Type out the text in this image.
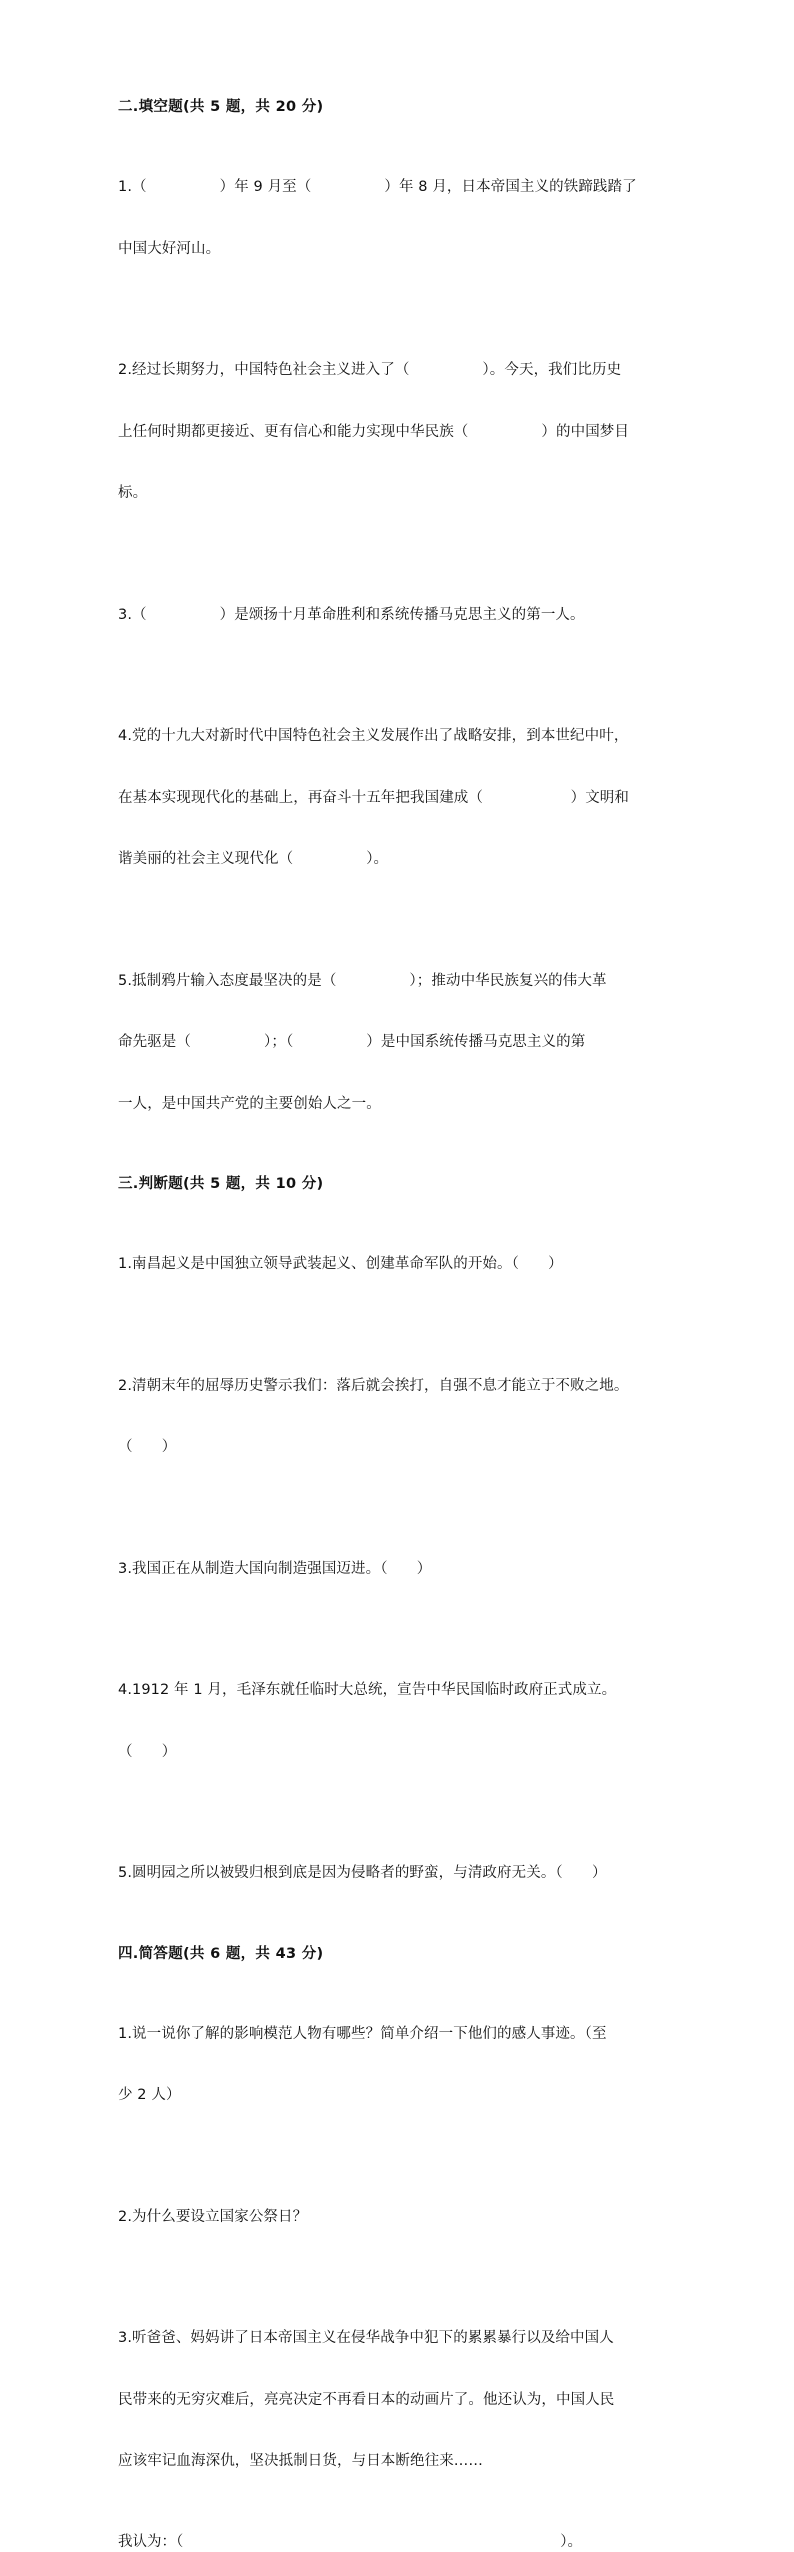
二.填空题(共 5 题，共 20 分)

1.（　　　　　）年 9 月至（　　　　　）年 8 月，日本帝国主义的铁蹄践踏了

中国大好河山。

2.经过长期努力，中国特色社会主义进入了（　　　　　）。今天，我们比历史

上任何时期都更接近、更有信心和能力实现中华民族（　　　　　）的中国梦目

标。

3.（　　　　　）是颂扬十月革命胜利和系统传播马克思主义的第一人。

4.党的十九大对新时代中国特色社会主义发展作出了战略安排，到本世纪中叶，

在基本实现现代化的基础上，再奋斗十五年把我国建成（　　　　　　）文明和

谐美丽的社会主义现代化（　　　　　）。

5.抵制鸦片输入态度最坚决的是（　　　　　）；推动中华民族复兴的伟大革

命先驱是（　　　　　）；（　　　　　）是中国系统传播马克思主义的第

一人，是中国共产党的主要创始人之一。

三.判断题(共 5 题，共 10 分)

1.南昌起义是中国独立领导武装起义、创建革命军队的开始。（　　）

2.清朝末年的屈辱历史警示我们：落后就会挨打，自强不息才能立于不败之地。

（　　）

3.我国正在从制造大国向制造强国迈进。（　　）

4.1912 年 1 月，毛泽东就任临时大总统，宣告中华民国临时政府正式成立。

（　　）

5.圆明园之所以被毁归根到底是因为侵略者的野蛮，与清政府无关。（　　）

四.简答题(共 6 题，共 43 分)

1.说一说你了解的影响模范人物有哪些？简单介绍一下他们的感人事迹。（至

少 2 人）

2.为什么要设立国家公祭日？

3.听爸爸、妈妈讲了日本帝国主义在侵华战争中犯下的累累暴行以及给中国人

民带来的无穷灾难后，亮亮决定不再看日本的动画片了。他还认为，中国人民

应该牢记血海深仇，坚决抵制日货，与日本断绝往来……

我认为：（　　　　　　　　　　　　　　　　　　　　　　　　　　）。
